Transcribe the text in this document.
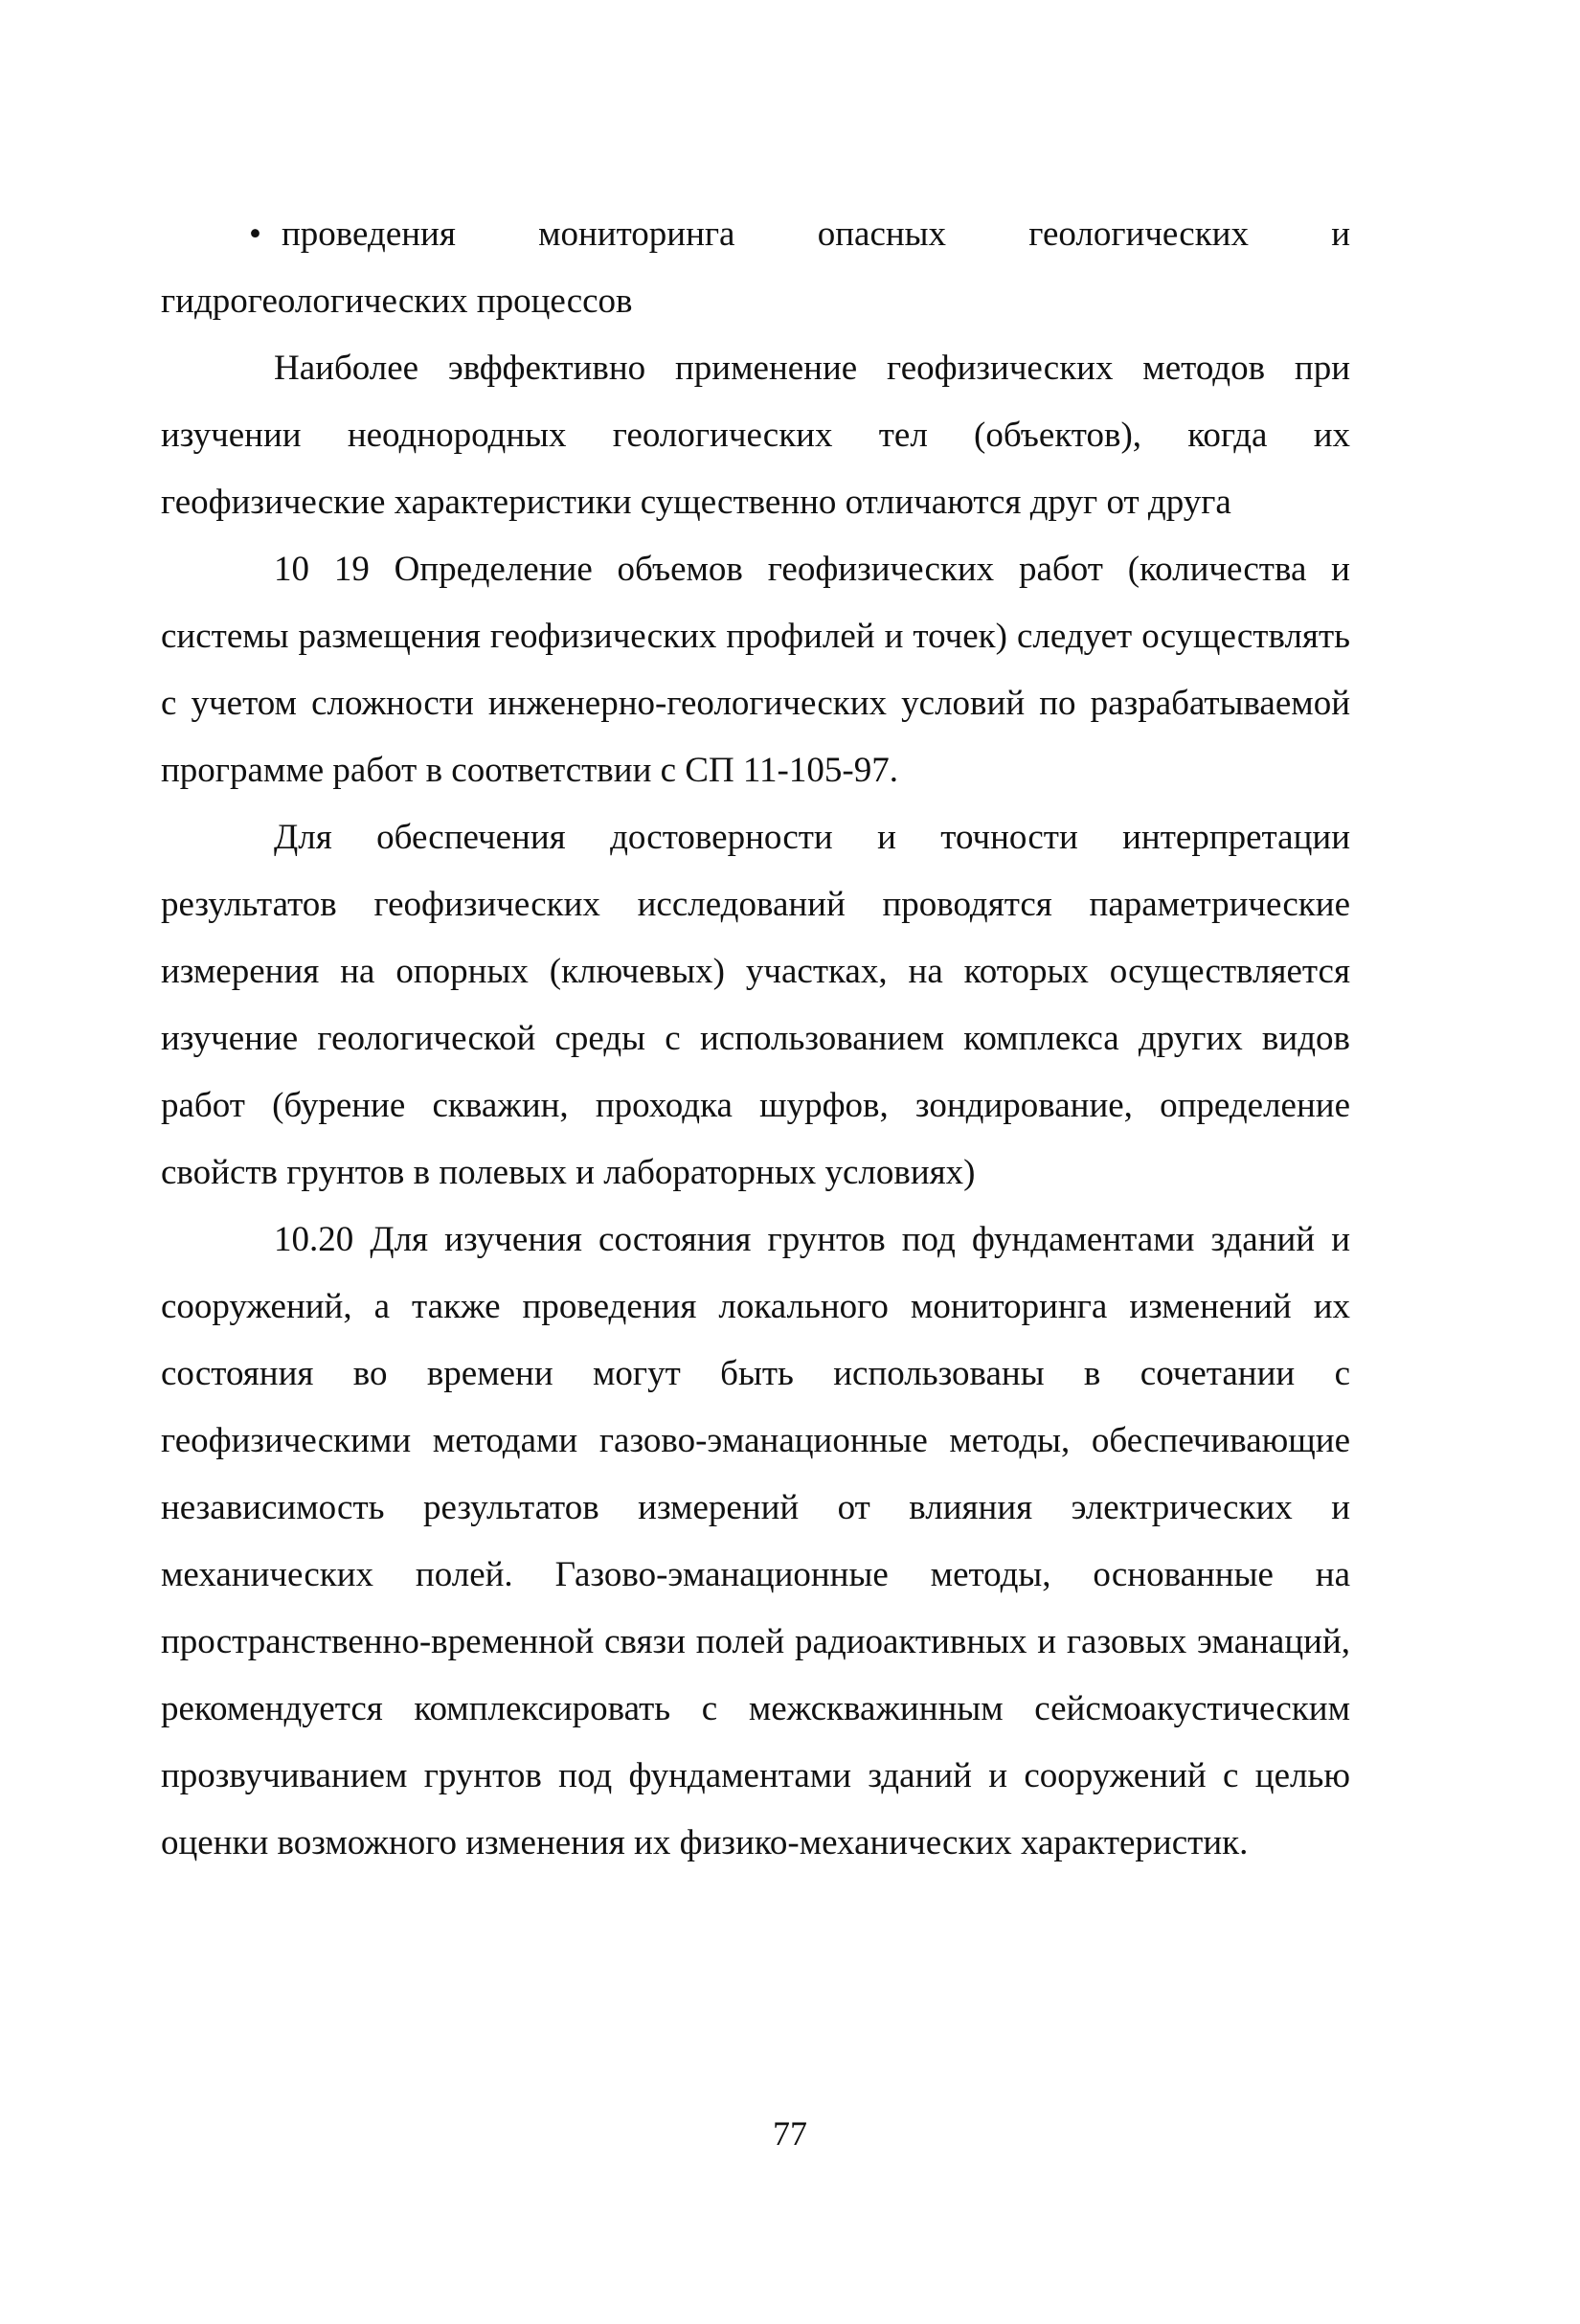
• проведения мониторинга опасных геологических и гидрогеологических процессов

Наиболее эвффективно применение геофизических методов при изучении неоднородных геологических тел (объектов), когда их геофизические характеристики существенно отличаются друг от друга

10 19 Определение объемов геофизических работ (количества и системы размещения геофизических профилей и точек) следует осуществлять с учетом сложности инженерно-геологических условий по разрабатываемой программе работ в соответствии с СП 11-105-97.

Для обеспечения достоверности и точности интерпретации результатов геофизических исследований проводятся параметрические измерения на опорных (ключевых) участках, на которых осуществляется изучение геологической среды с использованием комплекса других видов работ (бурение скважин, проходка шурфов, зондирование, определение свойств грунтов в полевых и лабораторных условиях)

10.20 Для изучения состояния грунтов под фундаментами зданий и сооружений, а также проведения локального мониторинга изменений их состояния во времени могут быть использованы в сочетании с геофизическими методами газово-эманационные методы, обеспечивающие независимость результатов измерений от влияния электрических и механических полей. Газово-эманационные методы, основанные на пространственно-временной связи полей радиоактивных и газовых эманаций, рекомендуется комплексировать с межскважинным сейсмоакустическим прозвучиванием грунтов под фундаментами зданий и сооружений с целью оценки возможного изменения их физико-механических характеристик.

77
